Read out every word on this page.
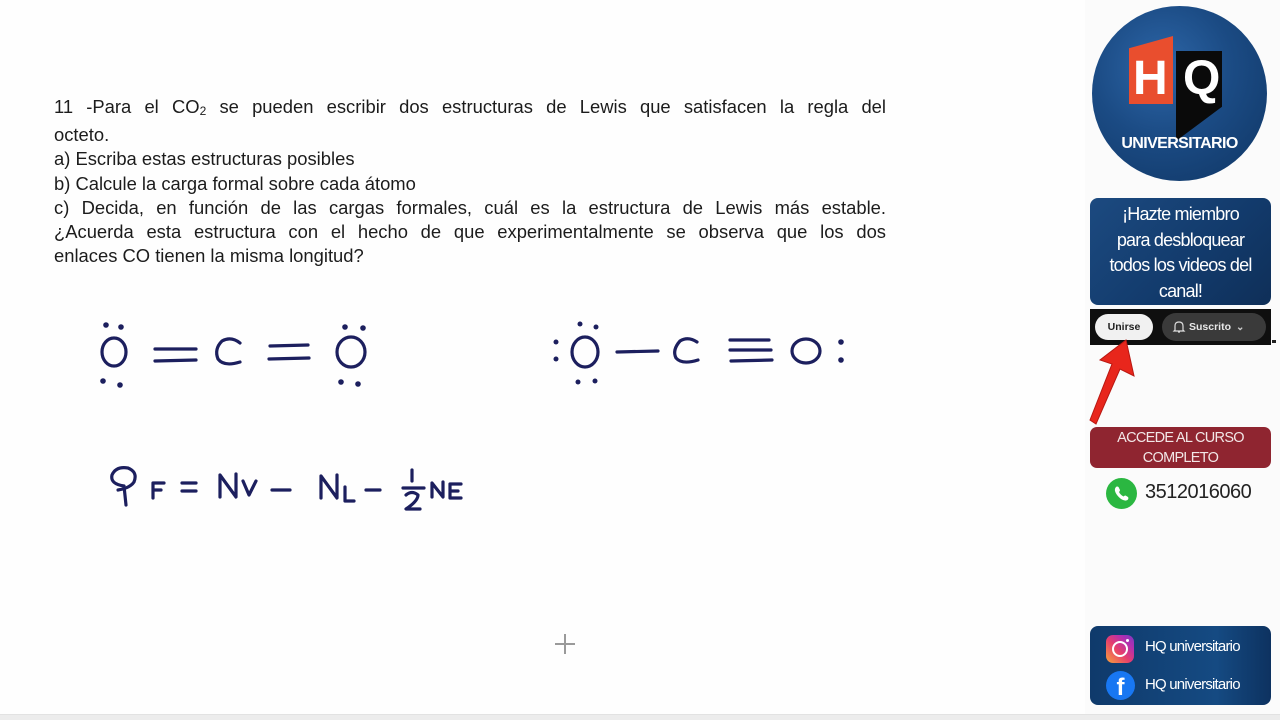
11 -Para el $CO_2$ se pueden escribir dos estructuras de Lewis que satisfacen la regla del
octeto.
a) Escriba estas estructuras posibles
b) Calcule la carga formal sobre cada átomo
c) Decida, en función de las cargas formales, cuál es la estructura de Lewis más estable.
¿Acuerda esta estructura con el hecho de que experimentalmente se observa que los dos
enlaces CO tienen la misma longitud?
H Q
UNIVERSITARIO
¡Hazte miembro
para desbloquear
todos los videos del
canal!
Unirse	Suscrito ⌄
ACCEDE AL CURSO
COMPLETO
3512016060
HQ universitario
f	HQ universitario
